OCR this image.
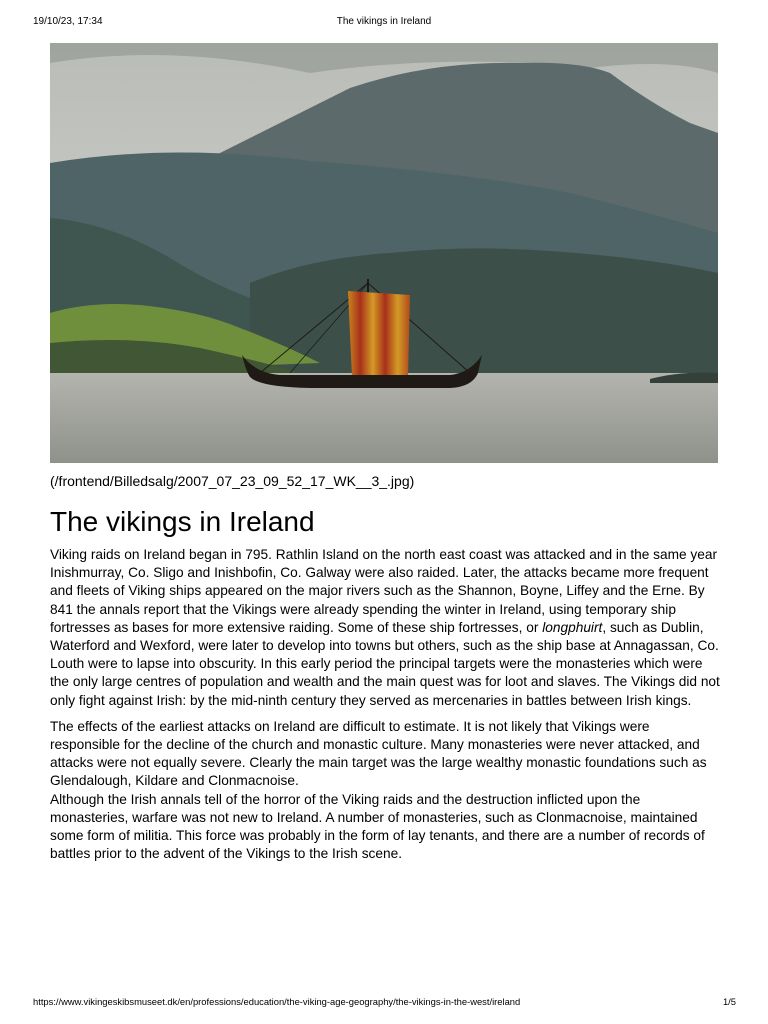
19/10/23, 17:34	The vikings in Ireland
(/frontend/Billedsalg/2007_07_23_09_52_17_WK__3_.jpg)
The vikings in Ireland

Viking raids on Ireland began in 795. Rathlin Island on the north east coast was attacked and in the same year Inishmurray, Co. Sligo and Inishbofin, Co. Galway were also raided. Later, the attacks became more frequent and fleets of Viking ships appeared on the major rivers such as the Shannon, Boyne, Liffey and the Erne. By 841 the annals report that the Vikings were already spending the winter in Ireland, using temporary ship fortresses as bases for more extensive raiding. Some of these ship fortresses, or longphuirt, such as Dublin, Waterford and Wexford, were later to develop into towns but others, such as the ship base at Annagassan, Co. Louth were to lapse into obscurity. In this early period the principal targets were the monasteries which were the only large centres of population and wealth and the main quest was for loot and slaves. The Vikings did not only fight against Irish: by the mid-ninth century they served as mercenaries in battles between Irish kings.

The effects of the earliest attacks on Ireland are difficult to estimate. It is not likely that Vikings were responsible for the decline of the church and monastic culture. Many monasteries were never attacked, and attacks were not equally severe. Clearly the main target was the large wealthy monastic foundations such as Glendalough, Kildare and Clonmacnoise.

Although the Irish annals tell of the horror of the Viking raids and the destruction inflicted upon the monasteries, warfare was not new to Ireland. A number of monasteries, such as Clonmacnoise, maintained some form of militia. This force was probably in the form of lay tenants, and there are a number of records of battles prior to the advent of the Vikings to the Irish scene.

https://www.vikingeskibsmuseet.dk/en/professions/education/the-viking-age-geography/the-vikings-in-the-west/ireland	1/5
